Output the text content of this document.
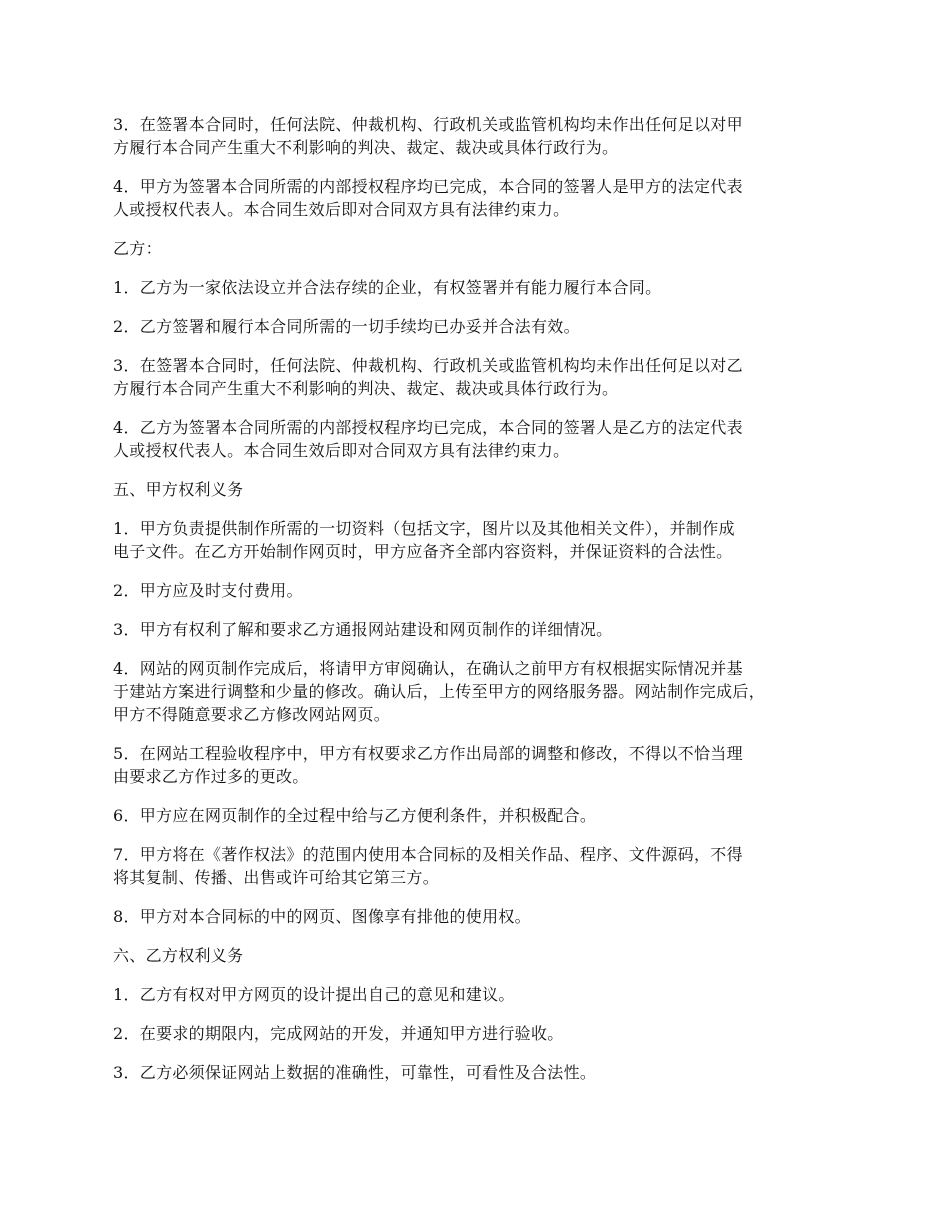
3．在签署本合同时，任何法院、仲裁机构、行政机关或监管机构均未作出任何足以对甲
方履行本合同产生重大不利影响的判决、裁定、裁决或具体行政行为。

4．甲方为签署本合同所需的内部授权程序均已完成，本合同的签署人是甲方的法定代表
人或授权代表人。本合同生效后即对合同双方具有法律约束力。

乙方：

1．乙方为一家依法设立并合法存续的企业，有权签署并有能力履行本合同。

2．乙方签署和履行本合同所需的一切手续均已办妥并合法有效。

3．在签署本合同时，任何法院、仲裁机构、行政机关或监管机构均未作出任何足以对乙
方履行本合同产生重大不利影响的判决、裁定、裁决或具体行政行为。

4．乙方为签署本合同所需的内部授权程序均已完成，本合同的签署人是乙方的法定代表
人或授权代表人。本合同生效后即对合同双方具有法律约束力。

五、甲方权利义务

1．甲方负责提供制作所需的一切资料（包括文字，图片以及其他相关文件），并制作成
电子文件。在乙方开始制作网页时，甲方应备齐全部内容资料，并保证资料的合法性。

2．甲方应及时支付费用。

3．甲方有权利了解和要求乙方通报网站建设和网页制作的详细情况。

4．网站的网页制作完成后，将请甲方审阅确认，在确认之前甲方有权根据实际情况并基
于建站方案进行调整和少量的修改。确认后，上传至甲方的网络服务器。网站制作完成后，
甲方不得随意要求乙方修改网站网页。

5．在网站工程验收程序中，甲方有权要求乙方作出局部的调整和修改，不得以不恰当理
由要求乙方作过多的更改。

6．甲方应在网页制作的全过程中给与乙方便利条件，并积极配合。

7．甲方将在《著作权法》的范围内使用本合同标的及相关作品、程序、文件源码，不得
将其复制、传播、出售或许可给其它第三方。

8．甲方对本合同标的中的网页、图像享有排他的使用权。

六、乙方权利义务

1．乙方有权对甲方网页的设计提出自己的意见和建议。

2．在要求的期限内，完成网站的开发，并通知甲方进行验收。

3．乙方必须保证网站上数据的准确性，可靠性，可看性及合法性。
